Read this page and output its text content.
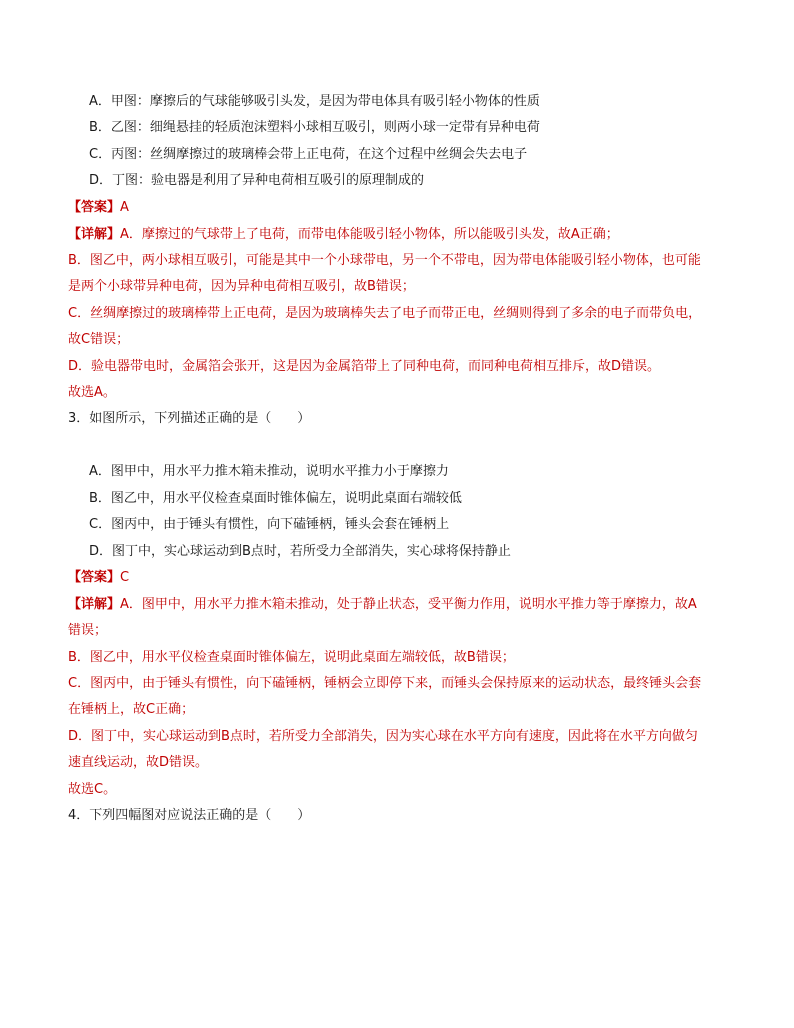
A．甲图：摩擦后的气球能够吸引头发，是因为带电体具有吸引轻小物体的性质
B．乙图：细绳悬挂的轻质泡沫塑料小球相互吸引，则两小球一定带有异种电荷
C．丙图：丝绸摩擦过的玻璃棒会带上正电荷，在这个过程中丝绸会失去电子
D．丁图：验电器是利用了异种电荷相互吸引的原理制成的
【答案】A
【详解】A．摩擦过的气球带上了电荷，而带电体能吸引轻小物体，所以能吸引头发，故A正确；
B．图乙中，两小球相互吸引，可能是其中一个小球带电，另一个不带电，因为带电体能吸引轻小物体，也可能
是两个小球带异种电荷，因为异种电荷相互吸引，故B错误；
C．丝绸摩擦过的玻璃棒带上正电荷，是因为玻璃棒失去了电子而带正电，丝绸则得到了多余的电子而带负电，
故C错误；
D．验电器带电时，金属箔会张开，这是因为金属箔带上了同种电荷，而同种电荷相互排斥，故D错误。
故选A。
3．如图所示，下列描述正确的是（　　）
A．图甲中，用水平力推木箱未推动，说明水平推力小于摩擦力
B．图乙中，用水平仪检查桌面时锥体偏左，说明此桌面右端较低
C．图丙中，由于锤头有惯性，向下磕锤柄，锤头会套在锤柄上
D．图丁中，实心球运动到B点时，若所受力全部消失，实心球将保持静止
【答案】C
【详解】A．图甲中，用水平力推木箱未推动，处于静止状态，受平衡力作用，说明水平推力等于摩擦力，故A
错误；
B．图乙中，用水平仪检查桌面时锥体偏左，说明此桌面左端较低，故B错误；
C．图丙中，由于锤头有惯性，向下磕锤柄，锤柄会立即停下来，而锤头会保持原来的运动状态，最终锤头会套
在锤柄上，故C正确；
D．图丁中，实心球运动到B点时，若所受力全部消失，因为实心球在水平方向有速度，因此将在水平方向做匀
速直线运动，故D错误。
故选C。
4．下列四幅图对应说法正确的是（　　）
